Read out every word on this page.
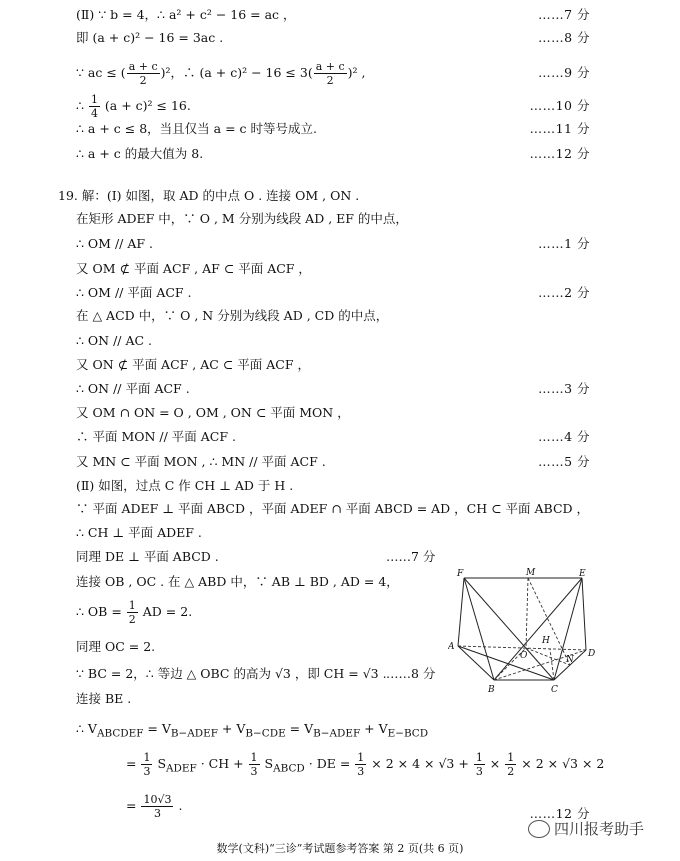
(Ⅱ) ∵ b = 4，∴ a² + c² − 16 = ac ，	……7 分
即 (a + c)² − 16 = 3ac .	……8 分
∴ a + c ≤ 8，当且仅当 a = c 时等号成立.	……11 分
∴ a + c 的最大值为 8.	……12 分
19. 解：(Ⅰ) 如图，取 AD 的中点 O . 连接 OM , ON .
在矩形 ADEF 中，∵ O , M 分别为线段 AD , EF 的中点，
∴ OM // AF .	……1 分
又 OM ⊄ 平面 ACF , AF ⊂ 平面 ACF ，
∴ OM // 平面 ACF .	……2 分
在 △ ACD 中，∵ O , N 分别为线段 AD , CD 的中点，
∴ ON // AC .
又 ON ⊄ 平面 ACF , AC ⊂ 平面 ACF ，
∴ ON // 平面 ACF .	……3 分
又 OM ∩ ON = O , OM , ON ⊂ 平面 MON ，
∴ 平面 MON // 平面 ACF .	……4 分
又 MN ⊂ 平面 MON , ∴ MN // 平面 ACF .	……5 分
(Ⅱ) 如图，过点 C 作 CH ⊥ AD 于 H .
∵ 平面 ADEF ⊥ 平面 ABCD ，平面 ADEF ∩ 平面 ABCD = AD ，CH ⊂ 平面 ABCD ，
∴ CH ⊥ 平面 ADEF .
同理 DE ⊥ 平面 ABCD .
连接 OB , OC . 在 △ ABD 中，∵ AB ⊥ BD , AD = 4，
同理 OC = 2.
∵ BC = 2，∴ 等边 △ OBC 的高为 √3 ，即 CH = √3 .
连接 BE .
∴ $V_{ABCDEF} = V_{B-ADEF} + V_{B-CDE} = V_{B-ADEF} + V_{E-BCD}$
∵ ac ≤ ( $\frac{a + c}{2} )^2$，∴ $(a + c)^2 - 16 \le 3( \frac{a + c}{2} )^2$ ,	……9 分
∴ $\frac{1}{4} (a + c)^2 \le 16$.	……10 分
∴ OB = $\frac{1}{2}$ AD = 2.
……7 分
……8 分
= $\frac{1}{3} S_{ADEF}$ · CH + $\frac{1}{3} S_{ABCD}$ · DE = $\frac{1}{3} \times 2 \times 4 \times √3 + \frac{1}{3} \times \frac{1}{2} \times 2 \times √3 \times 2$
= $\frac{10√3}{3}$ .
……12 分
F	M	E
A
O
H
N
D
B	C
四川报考助手
数学(文科)“三诊”考试题参考答案 第 2 页(共 6 页)
